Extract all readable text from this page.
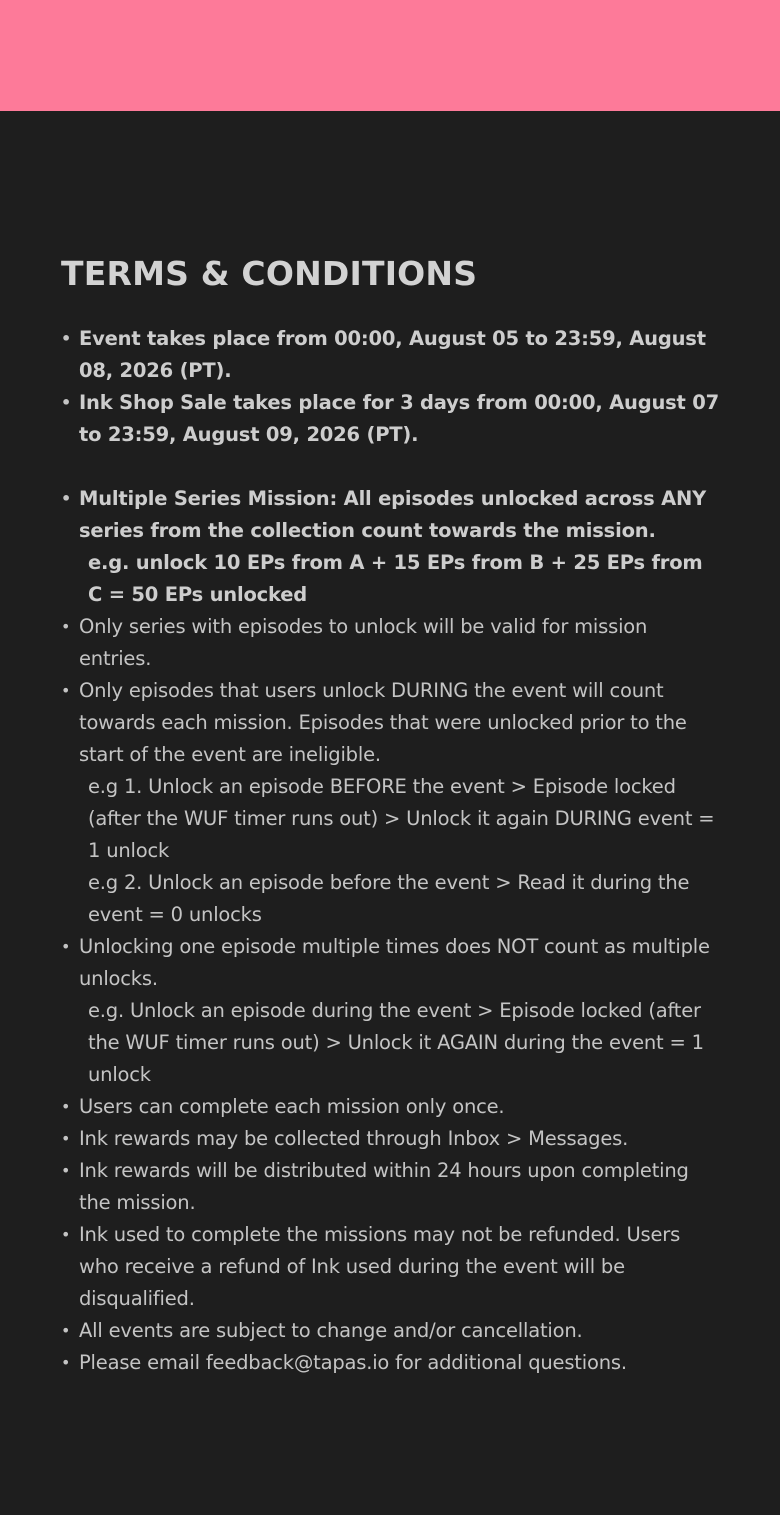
TERMS & CONDITIONS
• Event takes place from 00:00, August 05 to 23:59, August 08, 2026 (PT).
• Ink Shop Sale takes place for 3 days from 00:00, August 07 to 23:59, August 09, 2026 (PT).
• Multiple Series Mission: All episodes unlocked across ANY series from the collection count towards the mission.
e.g. unlock 10 EPs from A + 15 EPs from B + 25 EPs from C = 50 EPs unlocked
• Only series with episodes to unlock will be valid for mission entries.
• Only episodes that users unlock DURING the event will count towards each mission. Episodes that were unlocked prior to the start of the event are ineligible.
e.g 1. Unlock an episode BEFORE the event > Episode locked (after the WUF timer runs out) > Unlock it again DURING event = 1 unlock
e.g 2. Unlock an episode before the event > Read it during the event = 0 unlocks
• Unlocking one episode multiple times does NOT count as multiple unlocks.
e.g. Unlock an episode during the event > Episode locked (after the WUF timer runs out) > Unlock it AGAIN during the event = 1 unlock
• Users can complete each mission only once.
• Ink rewards may be collected through Inbox > Messages.
• Ink rewards will be distributed within 24 hours upon completing the mission.
• Ink used to complete the missions may not be refunded. Users who receive a refund of Ink used during the event will be disqualified.
• All events are subject to change and/or cancellation.
• Please email feedback@tapas.io for additional questions.
